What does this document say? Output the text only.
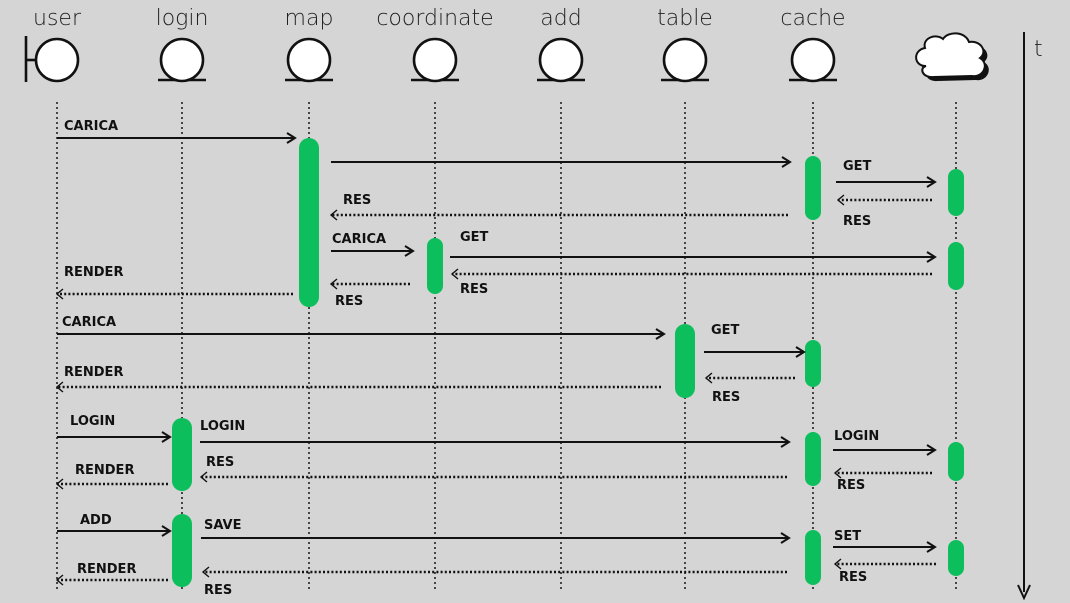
CARICA
GET
RES
RES
CARICA	GET
RES
RES
RENDER
CARICA
GET
RES
RENDER
LOGIN	LOGIN
LOGIN
RES
RES
RENDER
ADD	SAVE
SET
RES
RES
RENDER
user	login	map coordinate add	table	cache
t
